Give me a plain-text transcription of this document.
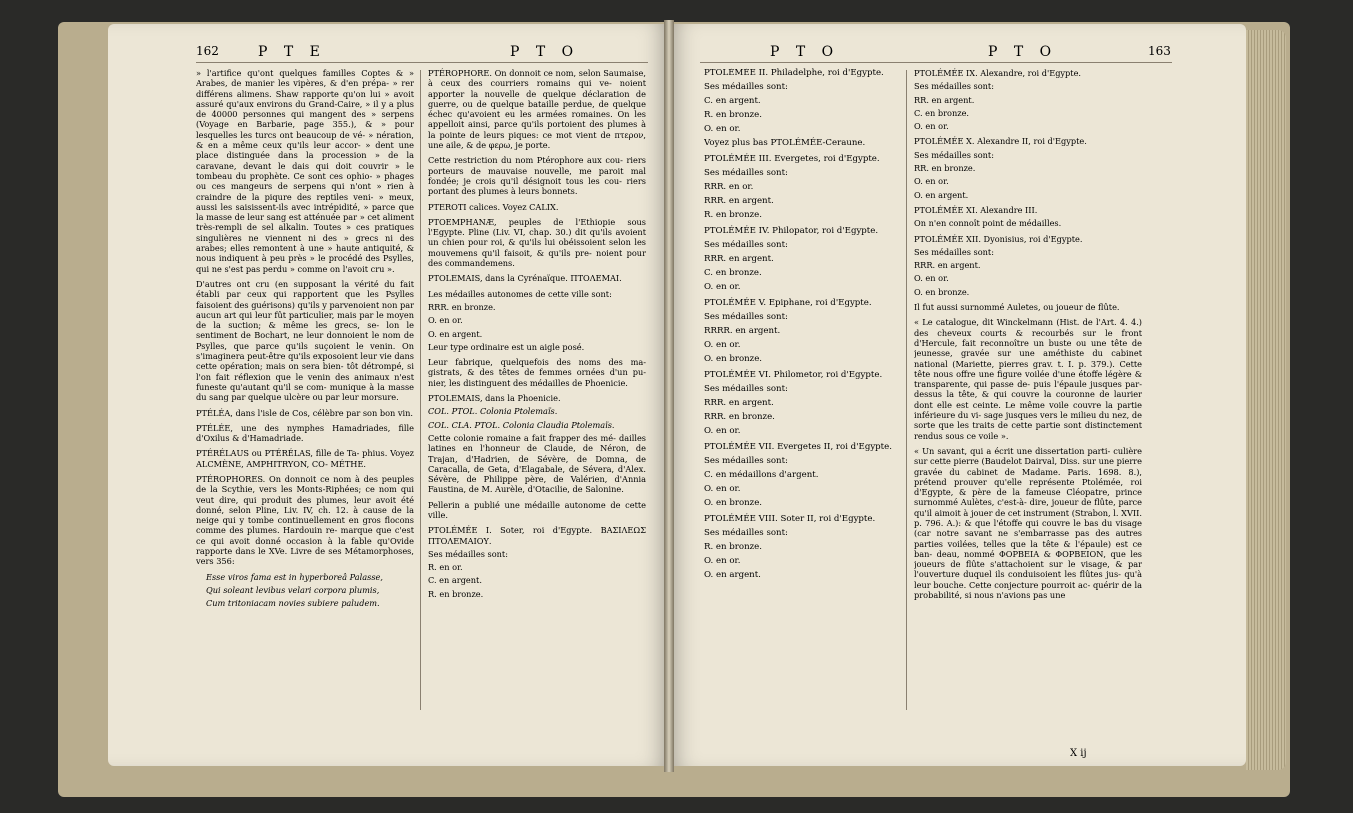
162	P T E	P T O	P T O	P T O	163

» l'artifice qu'ont quelques familles Coptes & » Arabes, de manier les vipères, & d'en prépa- » rer différens alimens. Shaw rapporte qu'on lui » avoit assuré qu'aux environs du Grand-Caire, » il y a plus de 40000 personnes qui mangent des » serpens (Voyage en Barbarie, page 355.), & » pour lesquelles les turcs ont beaucoup de vé- » nération, & en a même ceux qu'ils leur accor- » dent une place distinguée dans la procession » de la caravane, devant le dais qui doit couvrir » le tombeau du prophète. Ce sont ces ophio- » phages ou ces mangeurs de serpens qui n'ont » rien à craindre de la piqure des reptiles veni- » meux, aussi les saisissent-ils avec intrépidité, » parce que la masse de leur sang est atténuée par » cet aliment très-rempli de sel alkalin. Toutes » ces pratiques singulières ne viennent ni des » grecs ni des arabes; elles remontent à une » haute antiquité, & nous indiquent à peu près » le procédé des Psylles, qui ne s'est pas perdu » comme on l'avoit cru ».

D'autres ont cru (en supposant la vérité du fait établi par ceux qui rapportent que les Psylles faisoient des guérisons) qu'ils y parvenoient non par aucun art qui leur fût particulier, mais par le moyen de la suction; & même les grecs, se- lon le sentiment de Bochart, ne leur donnoient le nom de Psylles, que parce qu'ils suçoient le venin. On s'imaginera peut-être qu'ils exposoient leur vie dans cette opération; mais on sera bien- tôt détrompé, si l'on fait réflexion que le venin des animaux n'est funeste qu'autant qu'il se com- munique à la masse du sang par quelque ulcère ou par leur morsure.

PTÉLÉA, dans l'isle de Cos, célèbre par son bon vin.

PTÉLÉE, une des nymphes Hamadriades, fille d'Oxilus & d'Hamadriade.

PTÉRÉLAUS ou PTÉRÉLAS, fille de Ta- phius. Voyez ALCMÈNE, AMPHITRYON, CO- MÉTHE.

PTÉROPHORES. On donnoit ce nom à des peuples de la Scythie, vers les Monts-Riphées; ce nom qui veut dire, qui produit des plumes, leur avoit été donné, selon Pline, Liv. IV, ch. 12. à cause de la neige qui y tombe continuellement en gros flocons comme des plumes. Hardouin re- marque que c'est ce qui avoit donné occasion à la fable qu'Ovide rapporte dans le XVe. Livre de ses Métamorphoses, vers 356:

Esse viros fama est in hyperboreâ Palasse,

Qui soleant levibus velari corpora plumis,

Cum tritoniacam novies subiere paludem.

PTÉROPHORE. On donnoit ce nom, selon Saumaise, à ceux des courriers romains qui ve- noient apporter la nouvelle de quelque déclaration de guerre, ou de quelque bataille perdue, de quelque échec qu'avoient eu les armées romaines. On les appelloit ainsi, parce qu'ils portoient des plumes à la pointe de leurs piques: ce mot vient de πτερον, une aile, & de φερω, je porte.

Cette restriction du nom Ptérophore aux cou- riers porteurs de mauvaise nouvelle, me paroit mal fondée; je crois qu'il désignoit tous les cou- riers portant des plumes à leurs bonnets.

PTEROTI calices. Voyez CALIX.

PTOEMPHANÆ, peuples de l'Ethiopie sous l'Egypte. Pline (Liv. VI, chap. 30.) dit qu'ils avoient un chien pour roi, & qu'ils lui obéissoient selon les mouvemens qu'il faisoit, & qu'ils pre- noient pour des commandemens.

PTOLEMAIS, dans la Cyrénaïque. ΠΤΟΛΕΜΑΙ.

Les médailles autonomes de cette ville sont:

RRR. en bronze.

O. en or.

O. en argent.

Leur type ordinaire est un aigle posé.

Leur fabrique, quelquefois des noms des ma- gistrats, & des têtes de femmes ornées d'un pu- nier, les distinguent des médailles de Phoenicie.

PTOLEMAIS, dans la Phoenicie.

COL. PTOL. Colonia Ptolemaïs.

COL. CLA. PTOL. Colonia Claudia Ptolemaïs.

Cette colonie romaine a fait frapper des mé- dailles latines en l'honneur de Claude, de Néron, de Trajan, d'Hadrien, de Sévère, de Domna, de Caracalla, de Geta, d'Elagabale, de Sévera, d'Alex. Sévère, de Philippe père, de Valérien, d'Annia Faustina, de M. Aurèle, d'Otacilie, de Salonine.

Pellerin a publié une médaille autonome de cette ville.

PTOLÉMÉE I. Soter, roi d'Egypte. ΒΑΣΙΛΕΩΣ ΠΤΟΛΕΜΑΙΟΥ.

Ses médailles sont:

R. en or.

C. en argent.

R. en bronze.

PTOLÉMÉE II. Philadelphe, roi d'Egypte.

Ses médailles sont:

C. en argent.

R. en bronze.

O. en or.

Voyez plus bas PTOLÉMÉE-Ceraune.

PTOLÉMÉE III. Evergetes, roi d'Egypte.

Ses médailles sont:

RRR. en or.

RRR. en argent.

R. en bronze.

PTOLÉMÉE IV. Philopator, roi d'Egypte.

Ses médailles sont:

RRR. en argent.

C. en bronze.

O. en or.

PTOLÉMÉE V. Epiphane, roi d'Egypte.

Ses médailles sont:

RRRR. en argent.

O. en or.

O. en bronze.

PTOLÉMÉE VI. Philometor, roi d'Egypte.

Ses médailles sont:

RRR. en argent.

RRR. en bronze.

O. en or.

PTOLÉMÉE VII. Evergetes II, roi d'Egypte.

Ses médailles sont:

C. en médaillons d'argent.

O. en or.

O. en bronze.

PTOLÉMÉE VIII. Soter II, roi d'Egypte.

Ses médailles sont:

R. en bronze.

O. en or.

O. en argent.

PTOLÉMÉE IX. Alexandre, roi d'Egypte.

Ses médailles sont:

RR. en argent.

C. en bronze.

O. en or.

PTOLÉMÉE X. Alexandre II, roi d'Egypte.

Ses médailles sont:

RR. en bronze.

O. en or.

O. en argent.

PTOLÉMÉE XI. Alexandre III.

On n'en connoît point de médailles.

PTOLÉMÉE XII. Dyonisius, roi d'Egypte.

Ses médailles sont:

RRR. en argent.

O. en or.

O. en bronze.

Il fut aussi surnommé Auletes, ou joueur de flûte.

« Le catalogue, dit Winckelmann (Hist. de l'Art. 4. 4.) des cheveux courts & recourbés sur le front d'Hercule, fait reconnoître un buste ou une tête de jeunesse, gravée sur une améthiste du cabinet national (Mariette, pierres grav. t. I. p. 379.). Cette tête nous offre une figure voilée d'une étoffe légère & transparente, qui passe de- puis l'épaule jusques par-dessus la tête, & qui couvre la couronne de laurier dont elle est ceinte. Le même voile couvre la partie inférieure du vi- sage jusques vers le milieu du nez, de sorte que les traits de cette partie sont distinctement rendus sous ce voile ».

« Un savant, qui a écrit une dissertation parti- culière sur cette pierre (Baudelot Dairval, Diss. sur une pierre gravée du cabinet de Madame. Paris. 1698. 8.), prétend prouver qu'elle représente Ptolémée, roi d'Egypte, & père de la fameuse Cléopatre, prince surnommé Aulètes, c'est-à- dire, joueur de flûte, parce qu'il aimoit à jouer de cet instrument (Strabon, l. XVII. p. 796. A.): & que l'étoffe qui couvre le bas du visage (car notre savant ne s'embarrasse pas des autres parties voilées, telles que la tête & l'épaule) est ce ban- deau, nommé ΦΟΡΒΕΙΑ & ΦΟΡΒΕΙΟΝ, que les joueurs de flûte s'attachoient sur le visage, & par l'ouverture duquel ils conduisoient les flûtes jus- qu'à leur bouche. Cette conjecture pourroit ac- quérir de la probabilité, si nous n'avions pas une

X ij
